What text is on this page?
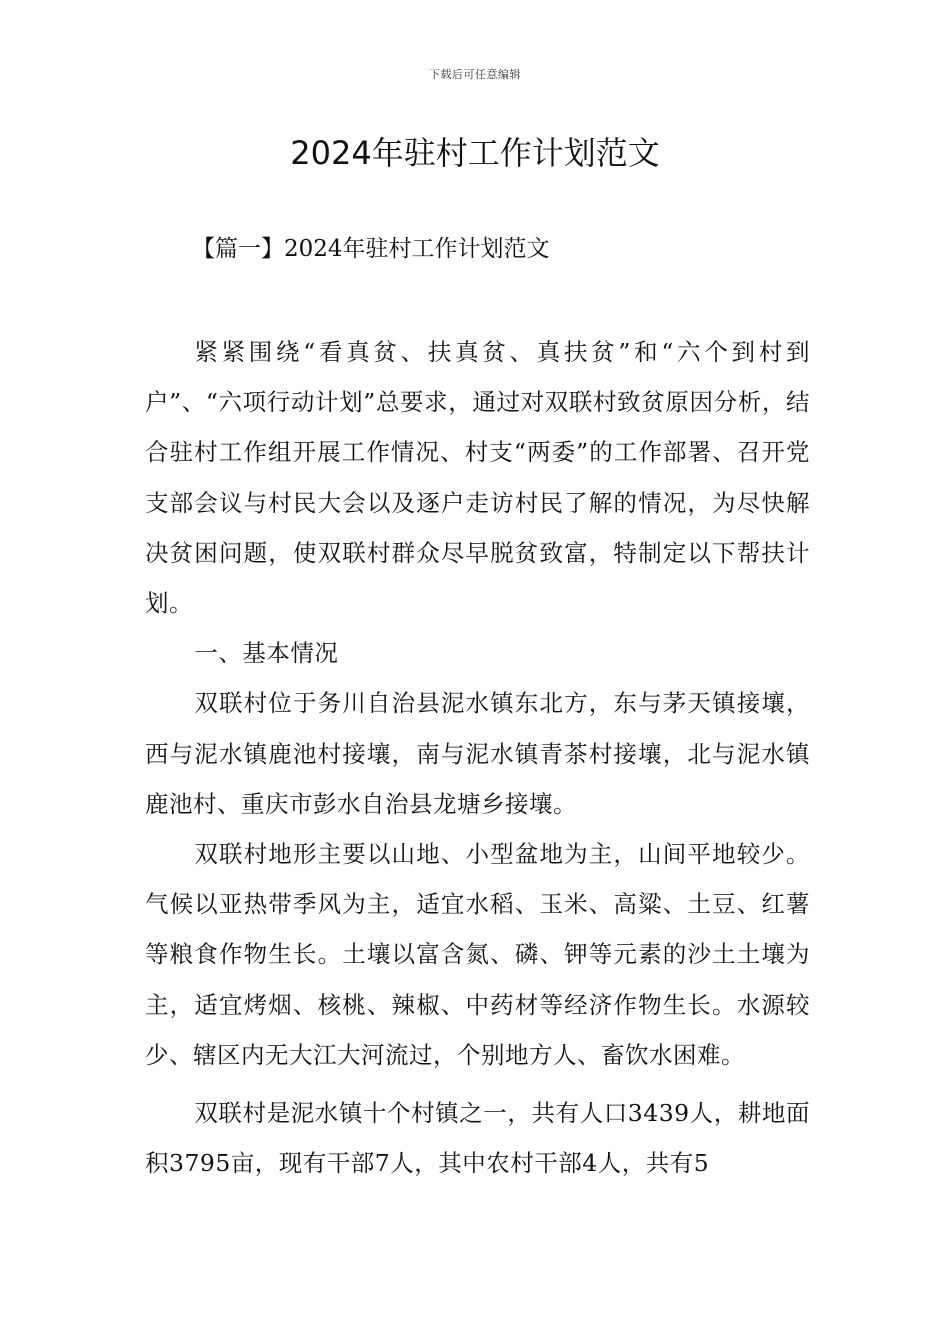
下载后可任意编辑
2024年驻村工作计划范文
【篇一】2024年驻村工作计划范文

紧紧围绕“看真贫、扶真贫、真扶贫”和“六个到村到户”、“六项行动计划”总要求，通过对双联村致贫原因分析，结合驻村工作组开展工作情况、村支“两委”的工作部署、召开党支部会议与村民大会以及逐户走访村民了解的情况，为尽快解决贫困问题，使双联村群众尽早脱贫致富，特制定以下帮扶计划。

一、基本情况

双联村位于务川自治县泥水镇东北方，东与茅天镇接壤，西与泥水镇鹿池村接壤，南与泥水镇青茶村接壤，北与泥水镇鹿池村、重庆市彭水自治县龙塘乡接壤。

双联村地形主要以山地、小型盆地为主，山间平地较少。气候以亚热带季风为主，适宜水稻、玉米、高粱、土豆、红薯等粮食作物生长。土壤以富含氮、磷、钾等元素的沙土土壤为主，适宜烤烟、核桃、辣椒、中药材等经济作物生长。水源较少、辖区内无大江大河流过，个别地方人、畜饮水困难。

双联村是泥水镇十个村镇之一，共有人口3439人，耕地面积3795亩，现有干部7人，其中农村干部4人，共有5
